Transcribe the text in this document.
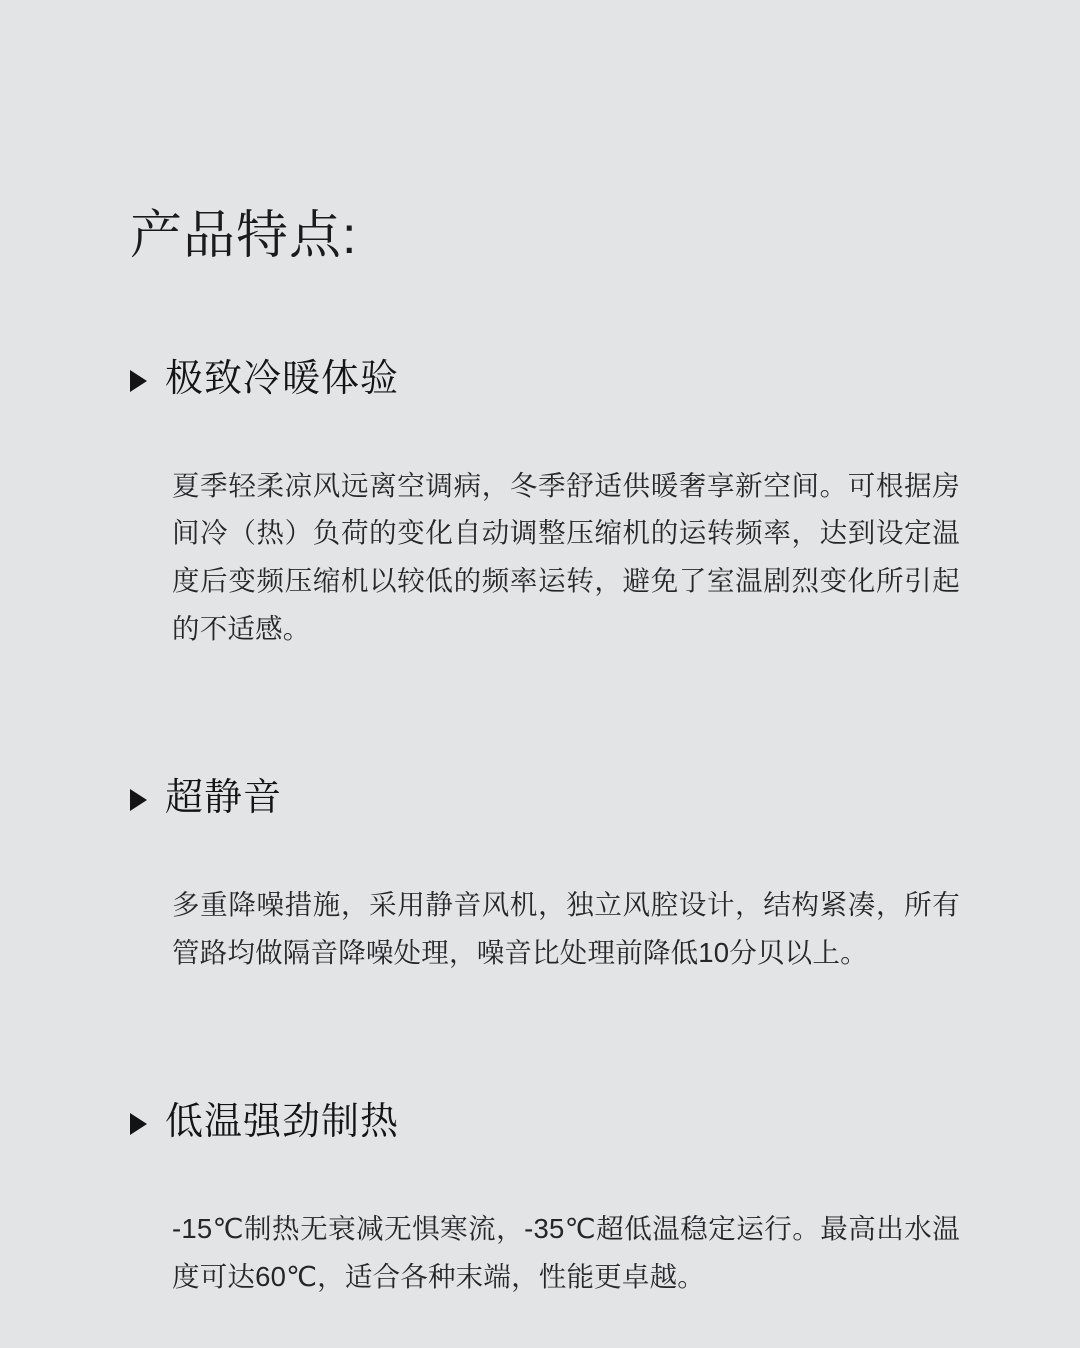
产品特点:
极致冷暖体验

夏季轻柔凉风远离空调病，冬季舒适供暖奢享新空间。可根据房间冷（热）负荷的变化自动调整压缩机的运转频率，达到设定温度后变频压缩机以较低的频率运转，避免了室温剧烈变化所引起的不适感。

超静音

多重降噪措施，采用静音风机，独立风腔设计，结构紧凑，所有管路均做隔音降噪处理，噪音比处理前降低10分贝以上。

低温强劲制热

-15℃制热无衰减无惧寒流，-35℃超低温稳定运行。最高出水温度可达60℃，适合各种末端，性能更卓越。
